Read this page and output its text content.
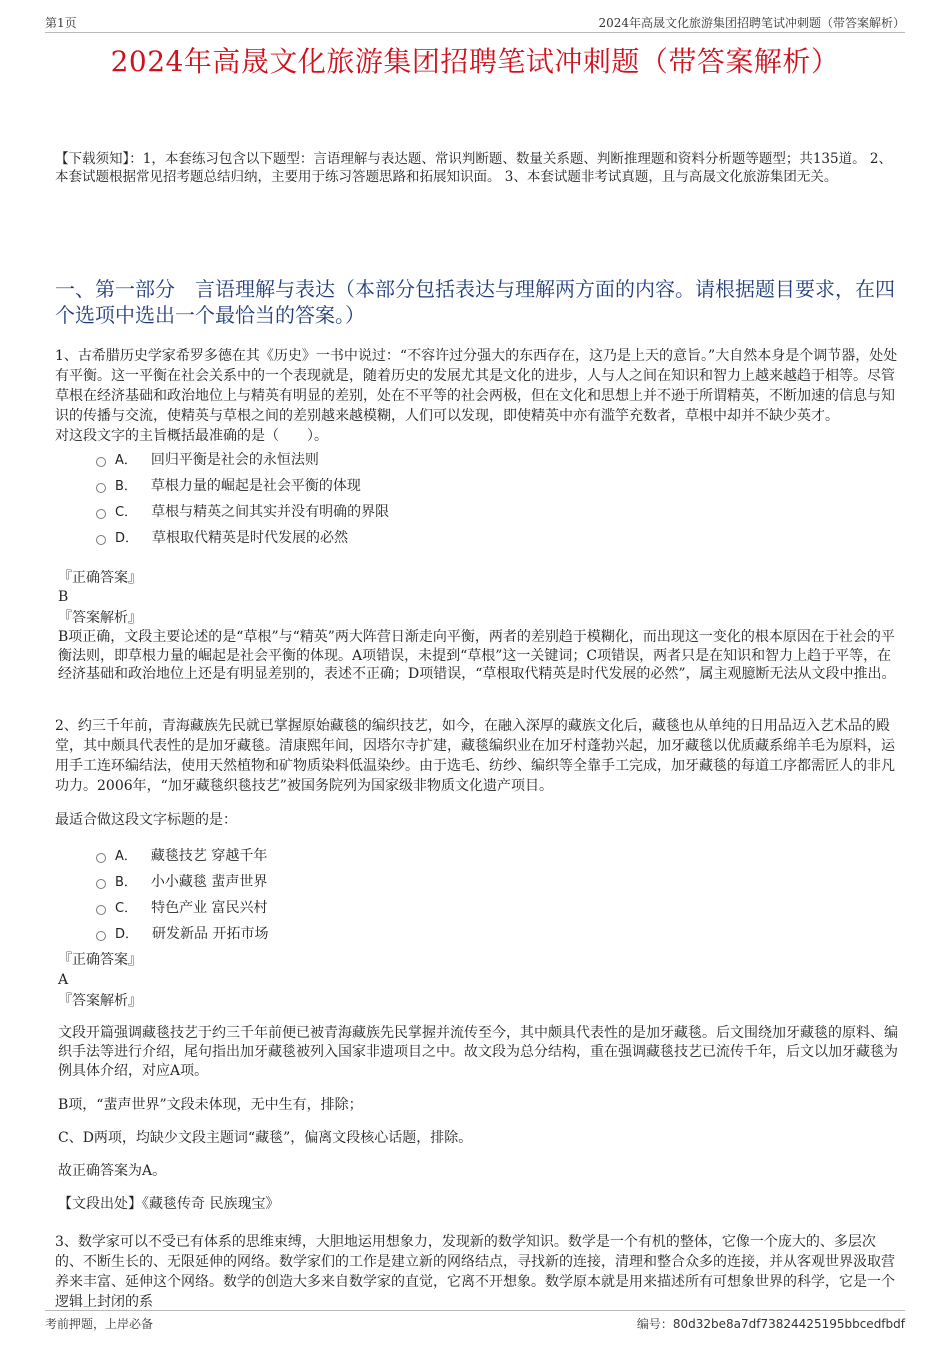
第1页	2024年高晟文化旅游集团招聘笔试冲刺题（带答案解析）
2024年高晟文化旅游集团招聘笔试冲刺题（带答案解析）
【下载须知】：1，本套练习包含以下题型：言语理解与表达题、常识判断题、数量关系题、判断推理题和资料分析题等题型；共135道。 2、本套试题根据常见招考题总结归纳，主要用于练习答题思路和拓展知识面。 3、本套试题非考试真题，且与高晟文化旅游集团无关。
一、第一部分　言语理解与表达（本部分包括表达与理解两方面的内容。请根据题目要求，在四个选项中选出一个最恰当的答案。）
1、古希腊历史学家希罗多德在其《历史》一书中说过：“不容许过分强大的东西存在，这乃是上天的意旨。”大自然本身是个调节器，处处有平衡。这一平衡在社会关系中的一个表现就是，随着历史的发展尤其是文化的进步，人与人之间在知识和智力上越来越趋于相等。尽管草根在经济基础和政治地位上与精英有明显的差别，处在不平等的社会两极，但在文化和思想上并不逊于所谓精英，不断加速的信息与知识的传播与交流，使精英与草根之间的差别越来越模糊，人们可以发现，即使精英中亦有滥竽充数者，草根中却并不缺少英才。
对这段文字的主旨概括最准确的是（　　）。
A． 回归平衡是社会的永恒法则
B． 草根力量的崛起是社会平衡的体现
C． 草根与精英之间其实并没有明确的界限
D． 草根取代精英是时代发展的必然
『正确答案』
B
『答案解析』
B项正确，文段主要论述的是“草根”与“精英”两大阵营日渐走向平衡，两者的差别趋于模糊化，而出现这一变化的根本原因在于社会的平衡法则，即草根力量的崛起是社会平衡的体现。A项错误，未提到“草根”这一关键词；C项错误，两者只是在知识和智力上趋于平等，在经济基础和政治地位上还是有明显差别的，表述不正确；D项错误，“草根取代精英是时代发展的必然”，属主观臆断无法从文段中推出。
2、约三千年前，青海藏族先民就已掌握原始藏毯的编织技艺，如今，在融入深厚的藏族文化后，藏毯也从单纯的日用品迈入艺术品的殿堂，其中颇具代表性的是加牙藏毯。清康熙年间，因塔尔寺扩建，藏毯编织业在加牙村蓬勃兴起，加牙藏毯以优质藏系绵羊毛为原料，运用手工连环编结法，使用天然植物和矿物质染料低温染纱。由于选毛、纺纱、编织等全靠手工完成，加牙藏毯的每道工序都需匠人的非凡功力。2006年，“加牙藏毯织毯技艺”被国务院列为国家级非物质文化遗产项目。
最适合做这段文字标题的是：
A． 藏毯技艺 穿越千年
B． 小小藏毯 蜚声世界
C． 特色产业 富民兴村
D． 研发新品 开拓市场
『正确答案』
A
『答案解析』
文段开篇强调藏毯技艺于约三千年前便已被青海藏族先民掌握并流传至今，其中颇具代表性的是加牙藏毯。后文围绕加牙藏毯的原料、编织手法等进行介绍，尾句指出加牙藏毯被列入国家非遗项目之中。故文段为总分结构，重在强调藏毯技艺已流传千年，后文以加牙藏毯为例具体介绍，对应A项。
B项，“蜚声世界”文段未体现，无中生有，排除；
C、D两项，均缺少文段主题词“藏毯”，偏离文段核心话题，排除。
故正确答案为A。
【文段出处】《藏毯传奇 民族瑰宝》
3、数学家可以不受已有体系的思维束缚，大胆地运用想象力，发现新的数学知识。数学是一个有机的整体，它像一个庞大的、多层次的、不断生长的、无限延伸的网络。数学家们的工作是建立新的网络结点，寻找新的连接，清理和整合众多的连接，并从客观世界汲取营养来丰富、延伸这个网络。数学的创造大多来自数学家的直觉，它离不开想象。数学原本就是用来描述所有可想象世界的科学，它是一个逻辑上封闭的系
考前押题，上岸必备	编号：80d32be8a7df73824425195bbcedfbdf
